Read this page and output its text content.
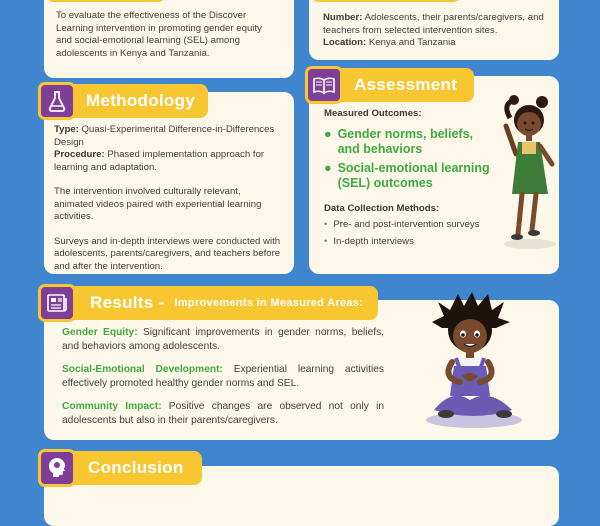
To evaluate the effectiveness of the Discover Learning intervention in promoting gender equity and social-emotional learning (SEL) among adolescents in Kenya and Tanzania.
Number: Adolescents, their parents/caregivers, and teachers from selected intervention sites.
Location: Kenya and Tanzania
Methodology
Type: Quasi-Experimental Difference-in-Differences Design
Procedure: Phased implementation approach for learning and adaptation.
The intervention involved culturally relevant, animated videos paired with experiential learning activities.
Surveys and in-depth interviews were conducted with adolescents, parents/caregivers, and teachers before and after the intervention.
Assessment
Measured Outcomes:
● Gender norms, beliefs, and behaviors
● Social-emotional learning (SEL) outcomes
Data Collection Methods:
• Pre- and post-intervention surveys
• In-depth interviews
Results - Improvements in Measured Areas:
Gender Equity: Significant improvements in gender norms, beliefs, and behaviors among adolescents.
Social-Emotional Development: Experiential learning activities effectively promoted healthy gender norms and SEL.
Community Impact: Positive changes are observed not only in adolescents but also in their parents/caregivers.
Conclusion
